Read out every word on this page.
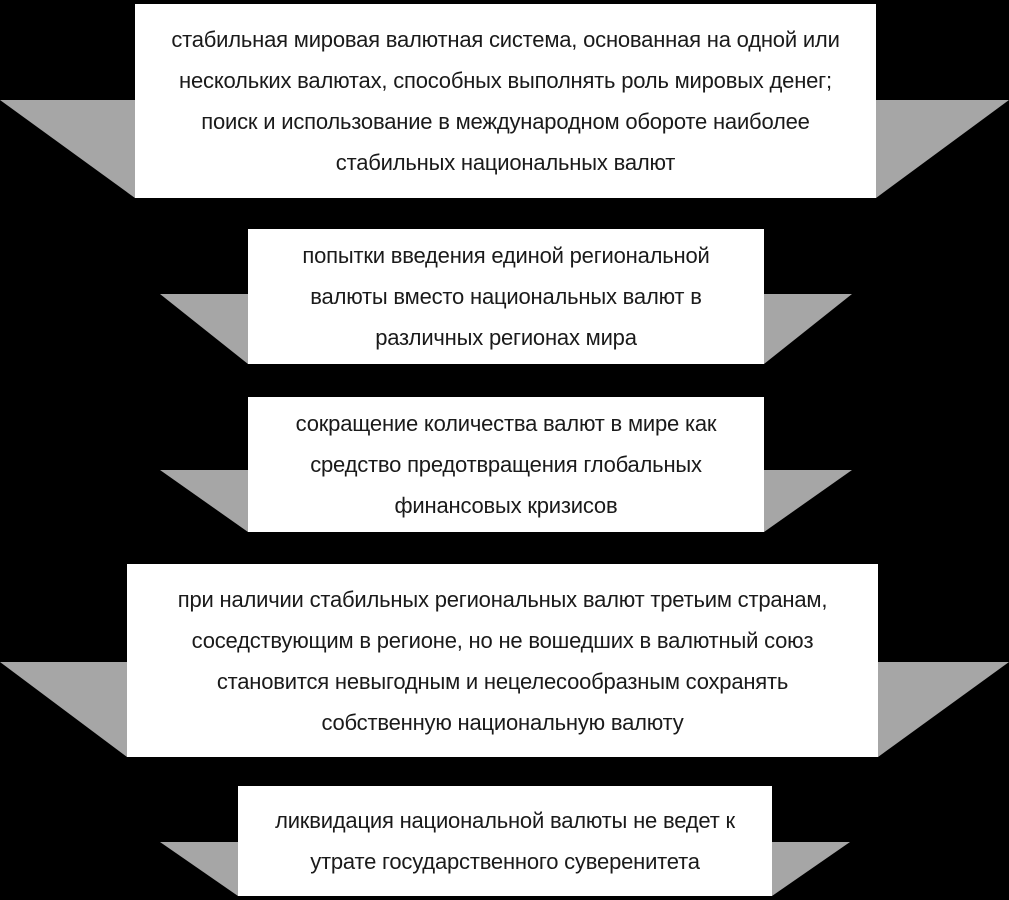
стабильная мировая валютная система, основанная на одной или
нескольких валютах, способных выполнять роль мировых денег;
поиск и использование в международном обороте наиболее
стабильных национальных валют
попытки введения единой региональной
валюты вместо национальных валют в
различных регионах мира
сокращение количества валют в мире как
средство предотвращения глобальных
финансовых кризисов
при наличии стабильных региональных валют третьим странам,
соседствующим в регионе, но не вошедших в валютный союз
становится невыгодным и нецелесообразным сохранять
собственную национальную валюту
ликвидация национальной валюты не ведет к
утрате государственного суверенитета
